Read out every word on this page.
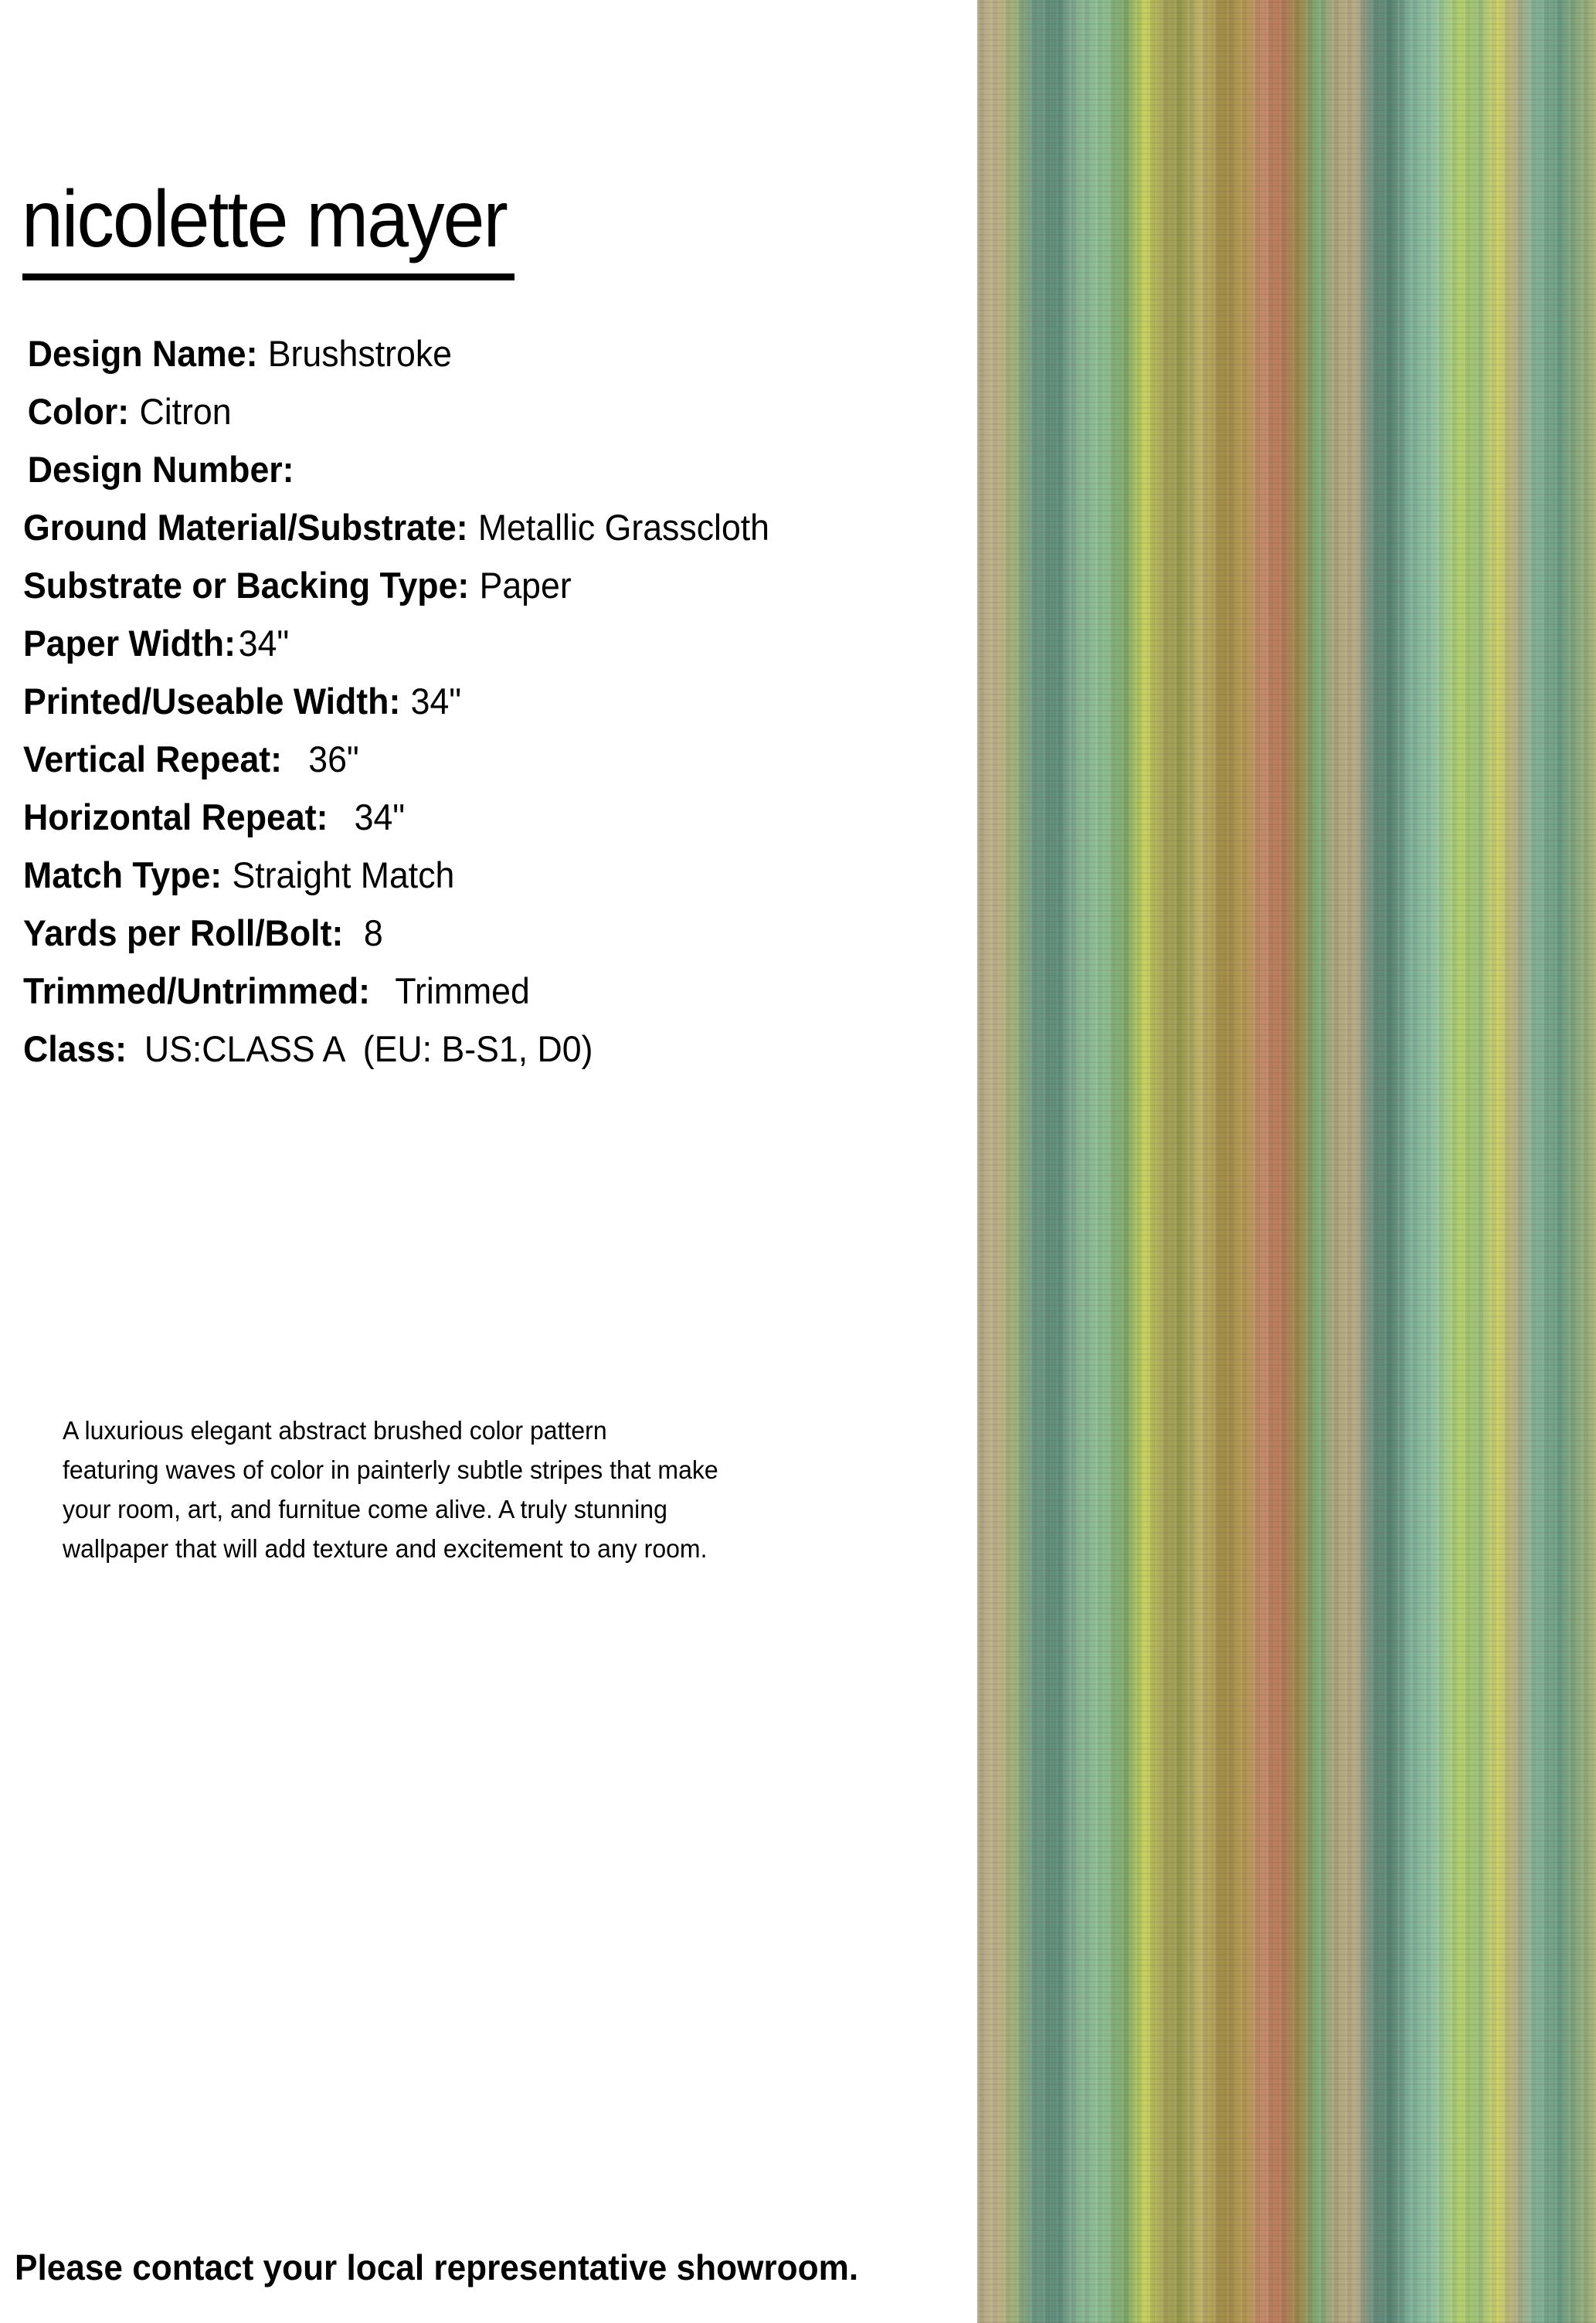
nicolette mayer
Design Name: Brushstroke
Color: Citron
Design Number:
Ground Material/Substrate: Metallic Grasscloth
Substrate or Backing Type: Paper
Paper Width:34"
Printed/Useable Width: 34"
Vertical Repeat: 36"
Horizontal Repeat: 34"
Match Type: Straight Match
Yards per Roll/Bolt: 8
Trimmed/Untrimmed: Trimmed
Class: US:CLASS A  (EU: B-S1, D0)
A luxurious elegant abstract brushed color pattern
featuring waves of color in painterly subtle stripes that make
your room, art, and furnitue come alive. A truly stunning
wallpaper that will add texture and excitement to any room.
Please contact your local representative showroom.
